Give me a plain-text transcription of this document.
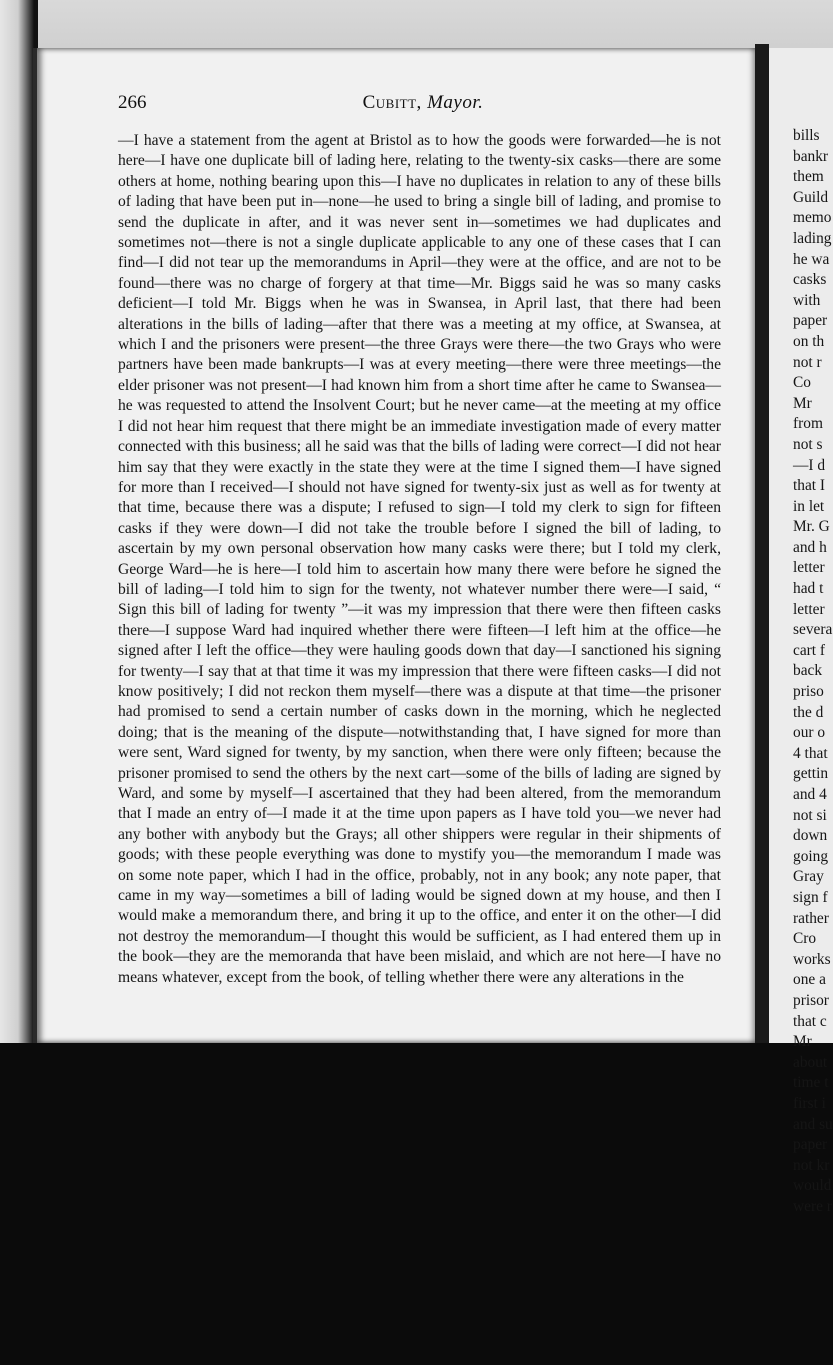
266	Cubitt, Mayor.

—I have a statement from the agent at Bristol as to how the goods were forwarded—he is not here—I have one duplicate bill of lading here, relating to the twenty-six casks—there are some others at home, nothing bearing upon this—I have no duplicates in relation to any of these bills of lading that have been put in—none—he used to bring a single bill of lading, and promise to send the duplicate in after, and it was never sent in—sometimes we had duplicates and sometimes not—there is not a single duplicate applicable to any one of these cases that I can find—I did not tear up the memorandums in April—they were at the office, and are not to be found—there was no charge of forgery at that time—Mr. Biggs said he was so many casks deficient—I told Mr. Biggs when he was in Swansea, in April last, that there had been alterations in the bills of lading—after that there was a meeting at my office, at Swansea, at which I and the prisoners were present—the three Grays were there—the two Grays who were partners have been made bankrupts—I was at every meeting—there were three meetings—the elder prisoner was not present—I had known him from a short time after he came to Swansea—he was requested to attend the Insolvent Court; but he never came—at the meeting at my office I did not hear him request that there might be an immediate investigation made of every matter connected with this business; all he said was that the bills of lading were correct—I did not hear him say that they were exactly in the state they were at the time I signed them—I have signed for more than I received—I should not have signed for twenty-six just as well as for twenty at that time, because there was a dispute; I refused to sign—I told my clerk to sign for fifteen casks if they were down—I did not take the trouble before I signed the bill of lading, to ascertain by my own personal observation how many casks were there; but I told my clerk, George Ward—he is here—I told him to ascertain how many there were before he signed the bill of lading—I told him to sign for the twenty, not whatever number there were—I said, “ Sign this bill of lading for twenty ”—it was my impression that there were then fifteen casks there—I suppose Ward had inquired whether there were fifteen—I left him at the office—he signed after I left the office—they were hauling goods down that day—I sanctioned his signing for twenty—I say that at that time it was my impression that there were fifteen casks—I did not know positively; I did not reckon them myself—there was a dispute at that time—the prisoner had promised to send a certain number of casks down in the morning, which he neglected doing; that is the meaning of the dispute—notwithstanding that, I have signed for more than were sent, Ward signed for twenty, by my sanction, when there were only fifteen; because the prisoner promised to send the others by the next cart—some of the bills of lading are signed by Ward, and some by myself—I ascertained that they had been altered, from the memorandum that I made an entry of—I made it at the time upon papers as I have told you—we never had any bother with anybody but the Grays; all other shippers were regular in their shipments of goods; with these people everything was done to mystify you—the memorandum I made was on some note paper, which I had in the office, probably, not in any book; any note paper, that came in my way—sometimes a bill of lading would be signed down at my house, and then I would make a memorandum there, and bring it up to the office, and enter it on the other—I did not destroy the memorandum—I thought this would be sufficient, as I had entered them up in the book—they are the memoranda that have been mislaid, and which are not here—I have no means whatever, except from the book, of telling whether there were any alterations in the

bills
bankr
them
Guild
memo
lading
he wa
casks
with
paper
on th
not r
Co
Mr
from
not s
—I d
that I
in let
Mr. G
and h
letter
had t
letter
severa
cart f
back
priso
the d
our o
4 that
gettin
and 4
not si
down
going
Gray
sign f
rather
Cro
works
one a
prisor
that c
Mr
about
time t
first i
and su
paper
not kr
would
were r
